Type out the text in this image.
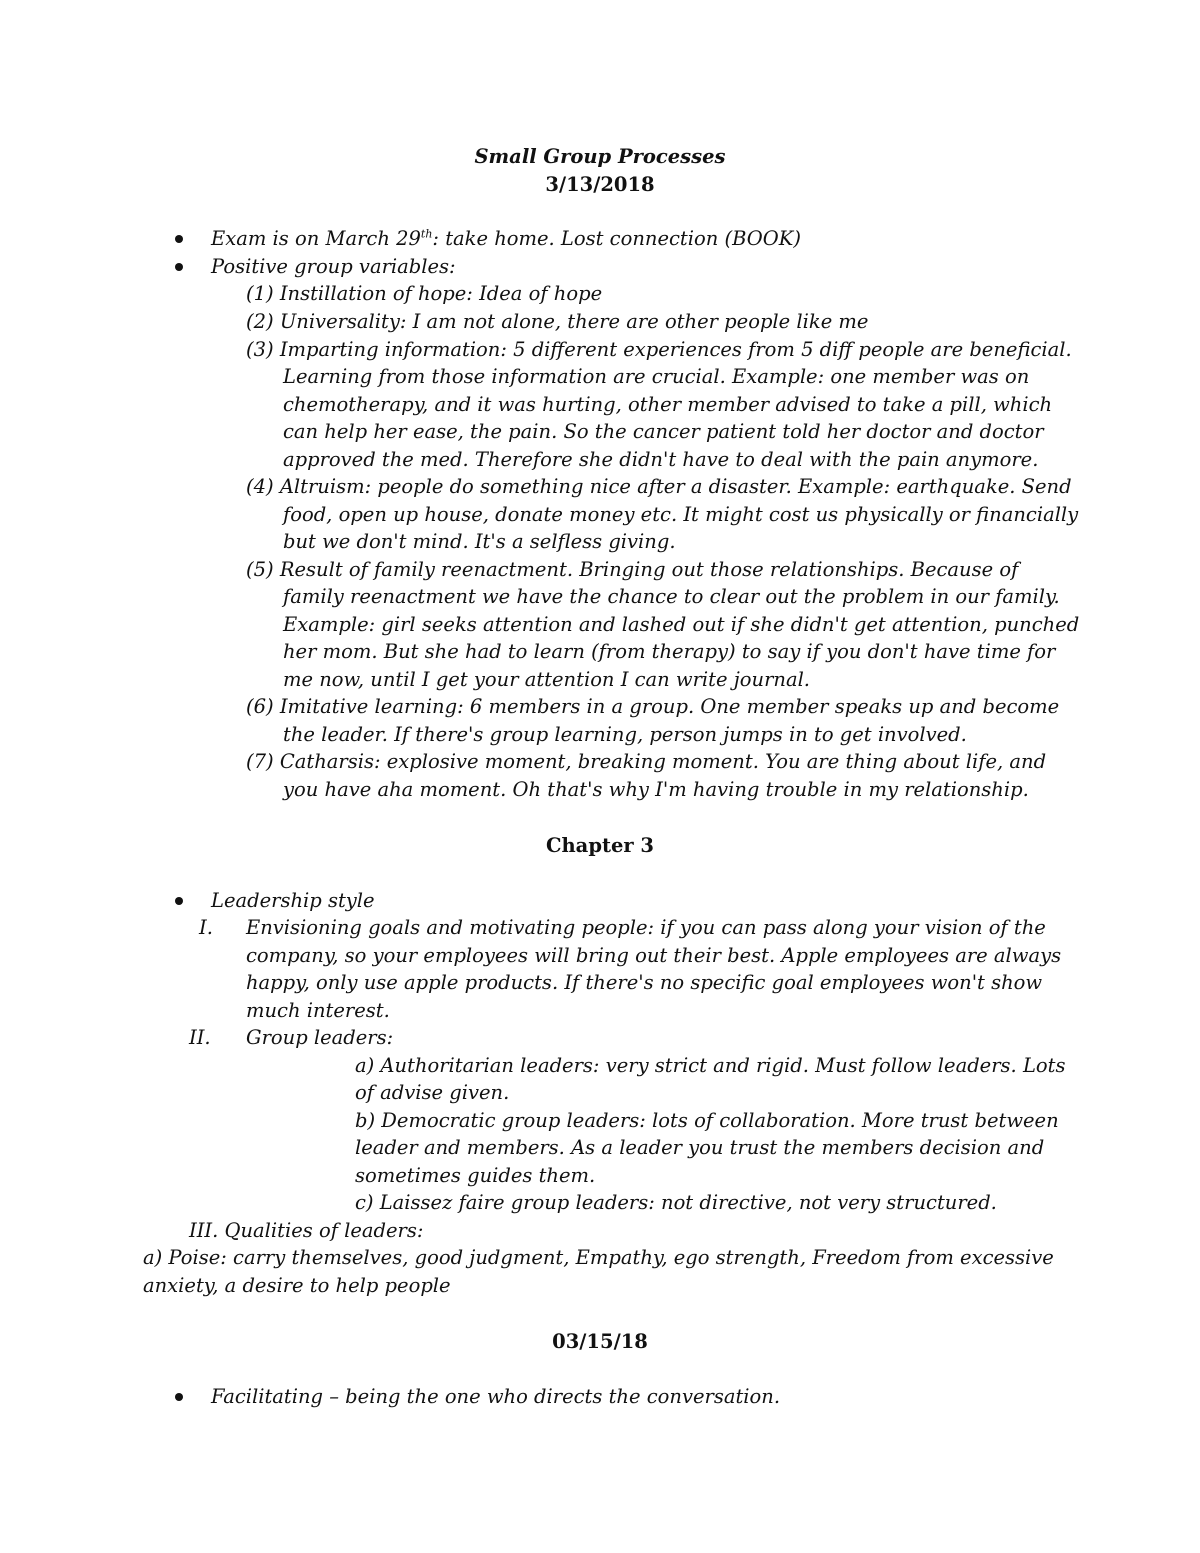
Small Group Processes
3/13/2018
Exam is on March 29th: take home. Lost connection (BOOK)
Positive group variables:
(1) Instillation of hope: Idea of hope
(2) Universality: I am not alone, there are other people like me
(3) Imparting information: 5 different experiences from 5 diff people are beneficial.
Learning from those information are crucial. Example: one member was on
chemotherapy, and it was hurting, other member advised to take a pill, which
can help her ease, the pain. So the cancer patient told her doctor and doctor
approved the med. Therefore she didn't have to deal with the pain anymore.
(4) Altruism: people do something nice after a disaster. Example: earthquake. Send
food, open up house, donate money etc. It might cost us physically or financially
but we don't mind. It's a selfless giving.
(5) Result of family reenactment. Bringing out those relationships. Because of
family reenactment we have the chance to clear out the problem in our family.
Example: girl seeks attention and lashed out if she didn't get attention, punched
her mom. But she had to learn (from therapy) to say if you don't have time for
me now, until I get your attention I can write journal.
(6) Imitative learning: 6 members in a group. One member speaks up and become
the leader. If there's group learning, person jumps in to get involved.
(7) Catharsis: explosive moment, breaking moment. You are thing about life, and
you have aha moment. Oh that's why I'm having trouble in my relationship.
Chapter 3
Leadership style
I. Envisioning goals and motivating people: if you can pass along your vision of the
company, so your employees will bring out their best. Apple employees are always
happy, only use apple products. If there's no specific goal employees won't show
much interest.
II. Group leaders:
a) Authoritarian leaders: very strict and rigid. Must follow leaders. Lots
of advise given.
b) Democratic group leaders: lots of collaboration. More trust between
leader and members. As a leader you trust the members decision and
sometimes guides them.
c) Laissez faire group leaders: not directive, not very structured.
III. Qualities of leaders:
a) Poise: carry themselves, good judgment, Empathy, ego strength, Freedom from excessive
anxiety, a desire to help people
03/15/18
Facilitating – being the one who directs the conversation.
